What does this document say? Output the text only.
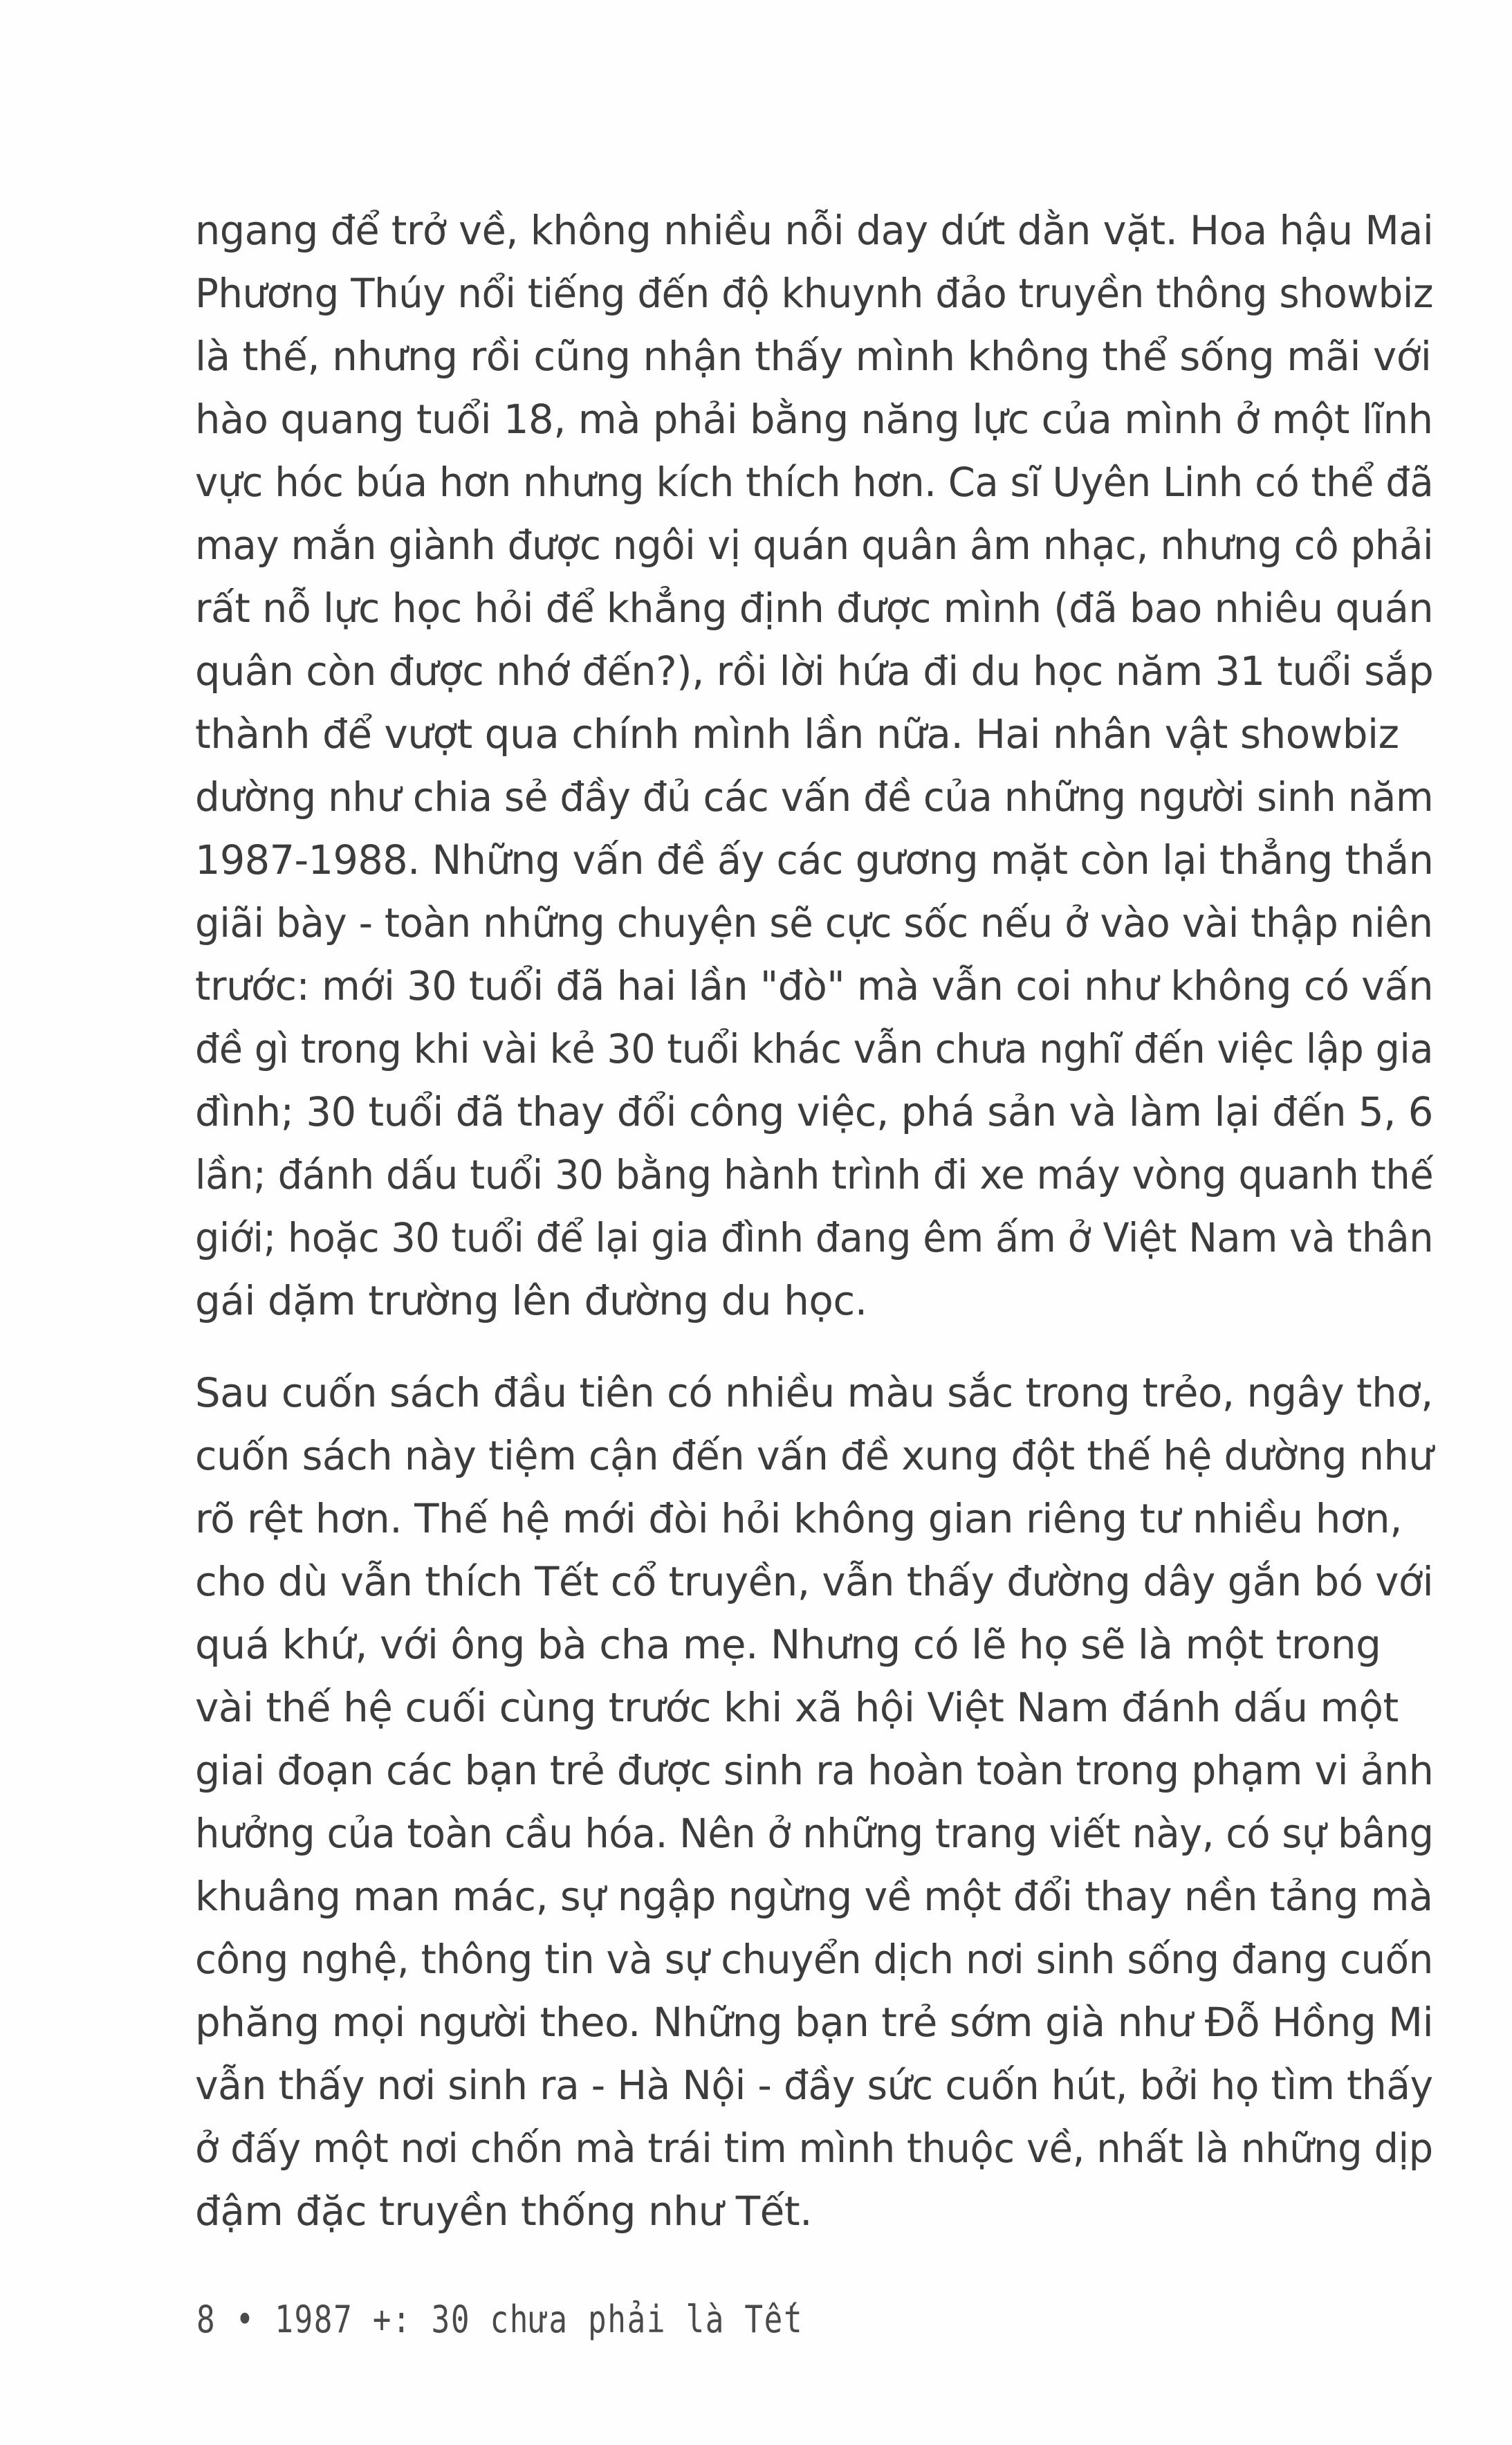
ngang để trở về, không nhiều nỗi day dứt dằn vặt. Hoa hậu Mai
Phương Thúy nổi tiếng đến độ khuynh đảo truyền thông showbiz
là thế, nhưng rồi cũng nhận thấy mình không thể sống mãi với
hào quang tuổi 18, mà phải bằng năng lực của mình ở một lĩnh
vực hóc búa hơn nhưng kích thích hơn. Ca sĩ Uyên Linh có thể đã
may mắn giành được ngôi vị quán quân âm nhạc, nhưng cô phải
rất nỗ lực học hỏi để khẳng định được mình (đã bao nhiêu quán
quân còn được nhớ đến?), rồi lời hứa đi du học năm 31 tuổi sắp
thành để vượt qua chính mình lần nữa. Hai nhân vật showbiz
dường như chia sẻ đầy đủ các vấn đề của những người sinh năm
1987-1988. Những vấn đề ấy các gương mặt còn lại thẳng thắn
giãi bày - toàn những chuyện sẽ cực sốc nếu ở vào vài thập niên
trước: mới 30 tuổi đã hai lần "đò" mà vẫn coi như không có vấn
đề gì trong khi vài kẻ 30 tuổi khác vẫn chưa nghĩ đến việc lập gia
đình; 30 tuổi đã thay đổi công việc, phá sản và làm lại đến 5, 6
lần; đánh dấu tuổi 30 bằng hành trình đi xe máy vòng quanh thế
giới; hoặc 30 tuổi để lại gia đình đang êm ấm ở Việt Nam và thân
gái dặm trường lên đường du học.
Sau cuốn sách đầu tiên có nhiều màu sắc trong trẻo, ngây thơ,
cuốn sách này tiệm cận đến vấn đề xung đột thế hệ dường như
rõ rệt hơn. Thế hệ mới đòi hỏi không gian riêng tư nhiều hơn,
cho dù vẫn thích Tết cổ truyền, vẫn thấy đường dây gắn bó với
quá khứ, với ông bà cha mẹ. Nhưng có lẽ họ sẽ là một trong
vài thế hệ cuối cùng trước khi xã hội Việt Nam đánh dấu một
giai đoạn các bạn trẻ được sinh ra hoàn toàn trong phạm vi ảnh
hưởng của toàn cầu hóa. Nên ở những trang viết này, có sự bâng
khuâng man mác, sự ngập ngừng về một đổi thay nền tảng mà
công nghệ, thông tin và sự chuyển dịch nơi sinh sống đang cuốn
phăng mọi người theo. Những bạn trẻ sớm già như Đỗ Hồng Mi
vẫn thấy nơi sinh ra - Hà Nội - đầy sức cuốn hút, bởi họ tìm thấy
ở đấy một nơi chốn mà trái tim mình thuộc về, nhất là những dịp
đậm đặc truyền thống như Tết.
8 • 1987 +: 30 chưa phải là Tết
